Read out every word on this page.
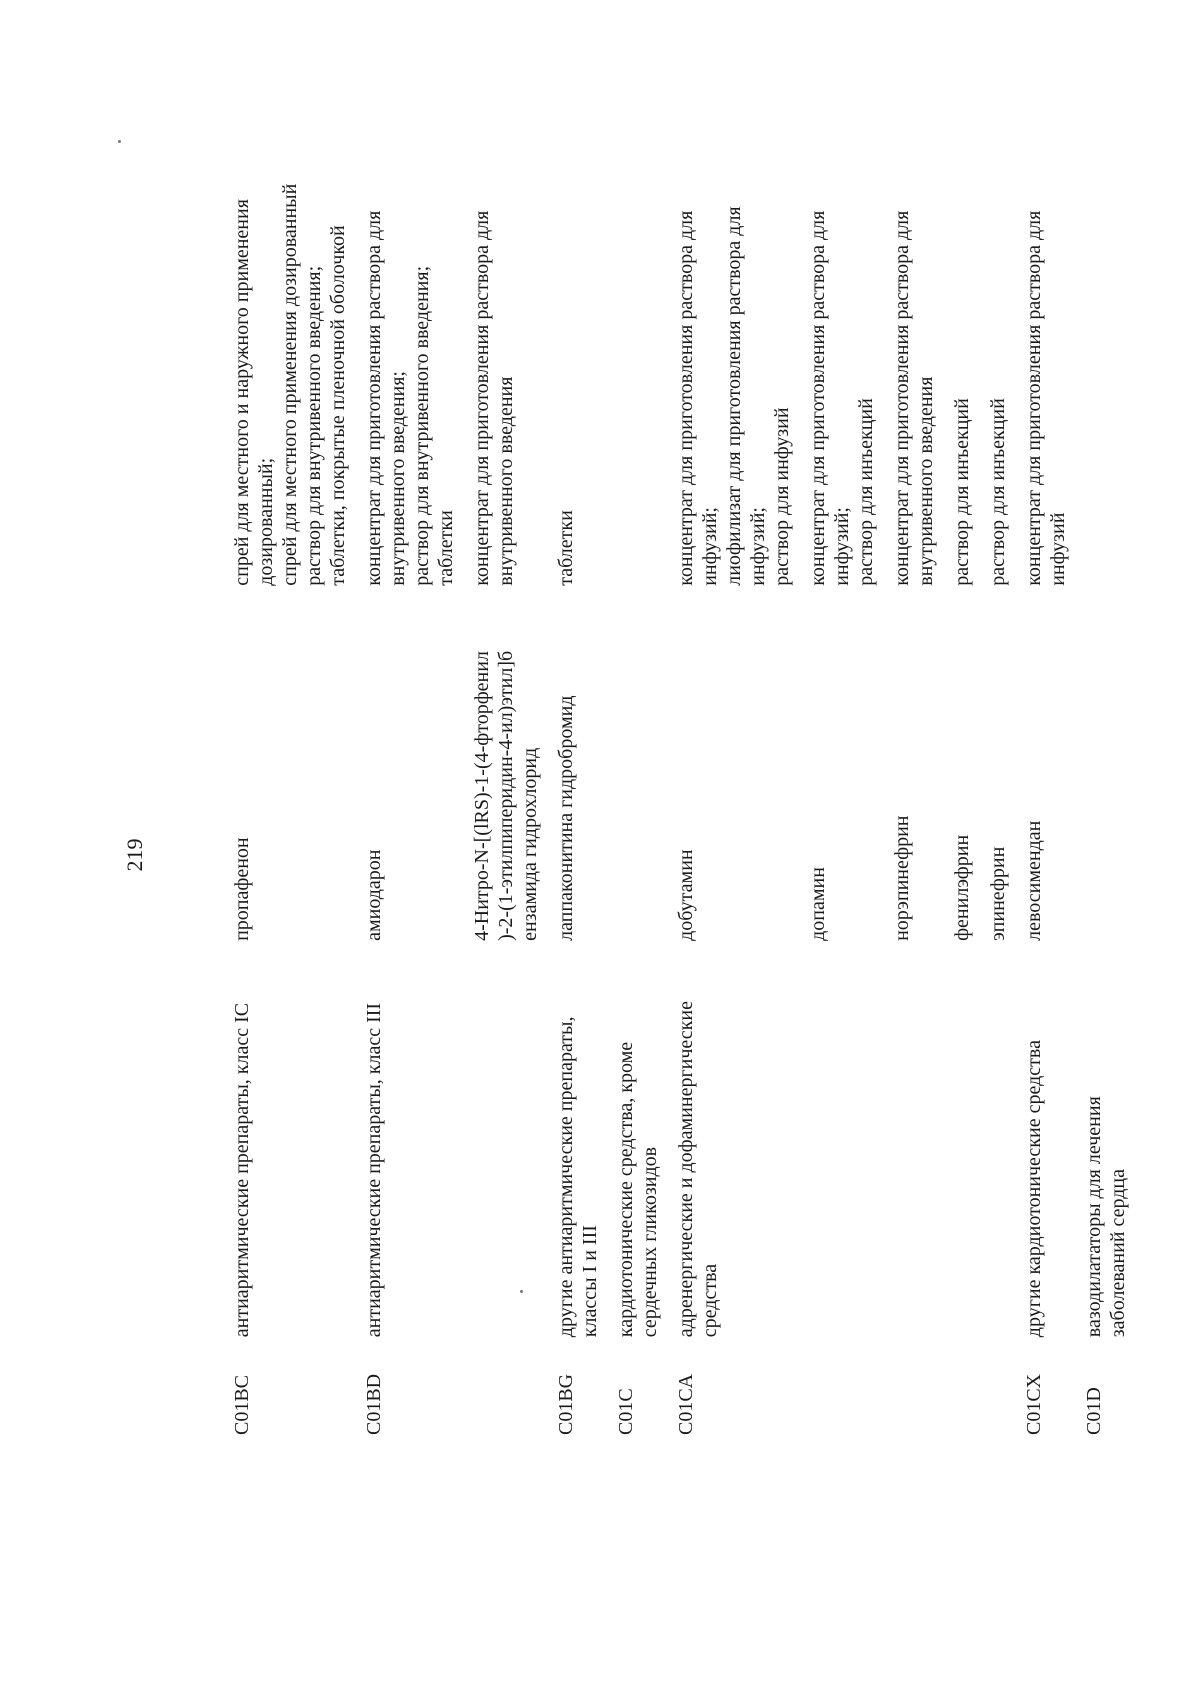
219
C01BC	антиаритмические препараты, класс IC	пропафенон	спрей для местного и наружного применения дозированный; спрей для местного применения дозированный раствор для внутривенного введения; таблетки, покрытые пленочной оболочкой

C01BD	антиаритмические препараты, класс III	амиодарон	концентрат для приготовления раствора для внутривенного введения; раствор для внутривенного введения; таблетки

		4-Нитро-N-[(lRS)-1-(4-фторфенил )-2-(1-этилпиперидин-4-ил)этил]б ензамида гидрохлорид	концентрат для приготовления раствора для внутривенного введения

C01BG	другие антиаритмические препараты, классы I и III	лаппаконитина гидробромид	таблетки

C01C	кардиотонические средства, кроме сердечных гликозидов		

C01CA	адренергические и дофаминергические средства	добутамин	концентрат для приготовления раствора для инфузий; лиофилизат для приготовления раствора для инфузий; раствор для инфузий

		допамин	концентрат для приготовления раствора для инфузий; раствор для инъекций

		норэпинефрин	концентрат для приготовления раствора для внутривенного введения

		фенилэфрин	раствор для инъекций

		эпинефрин	раствор для инъекций

C01CX	другие кардиотонические средства	левосимендан	концентрат для приготовления раствора для инфузий

C01D	вазодилататоры для лечения заболеваний сердца		
